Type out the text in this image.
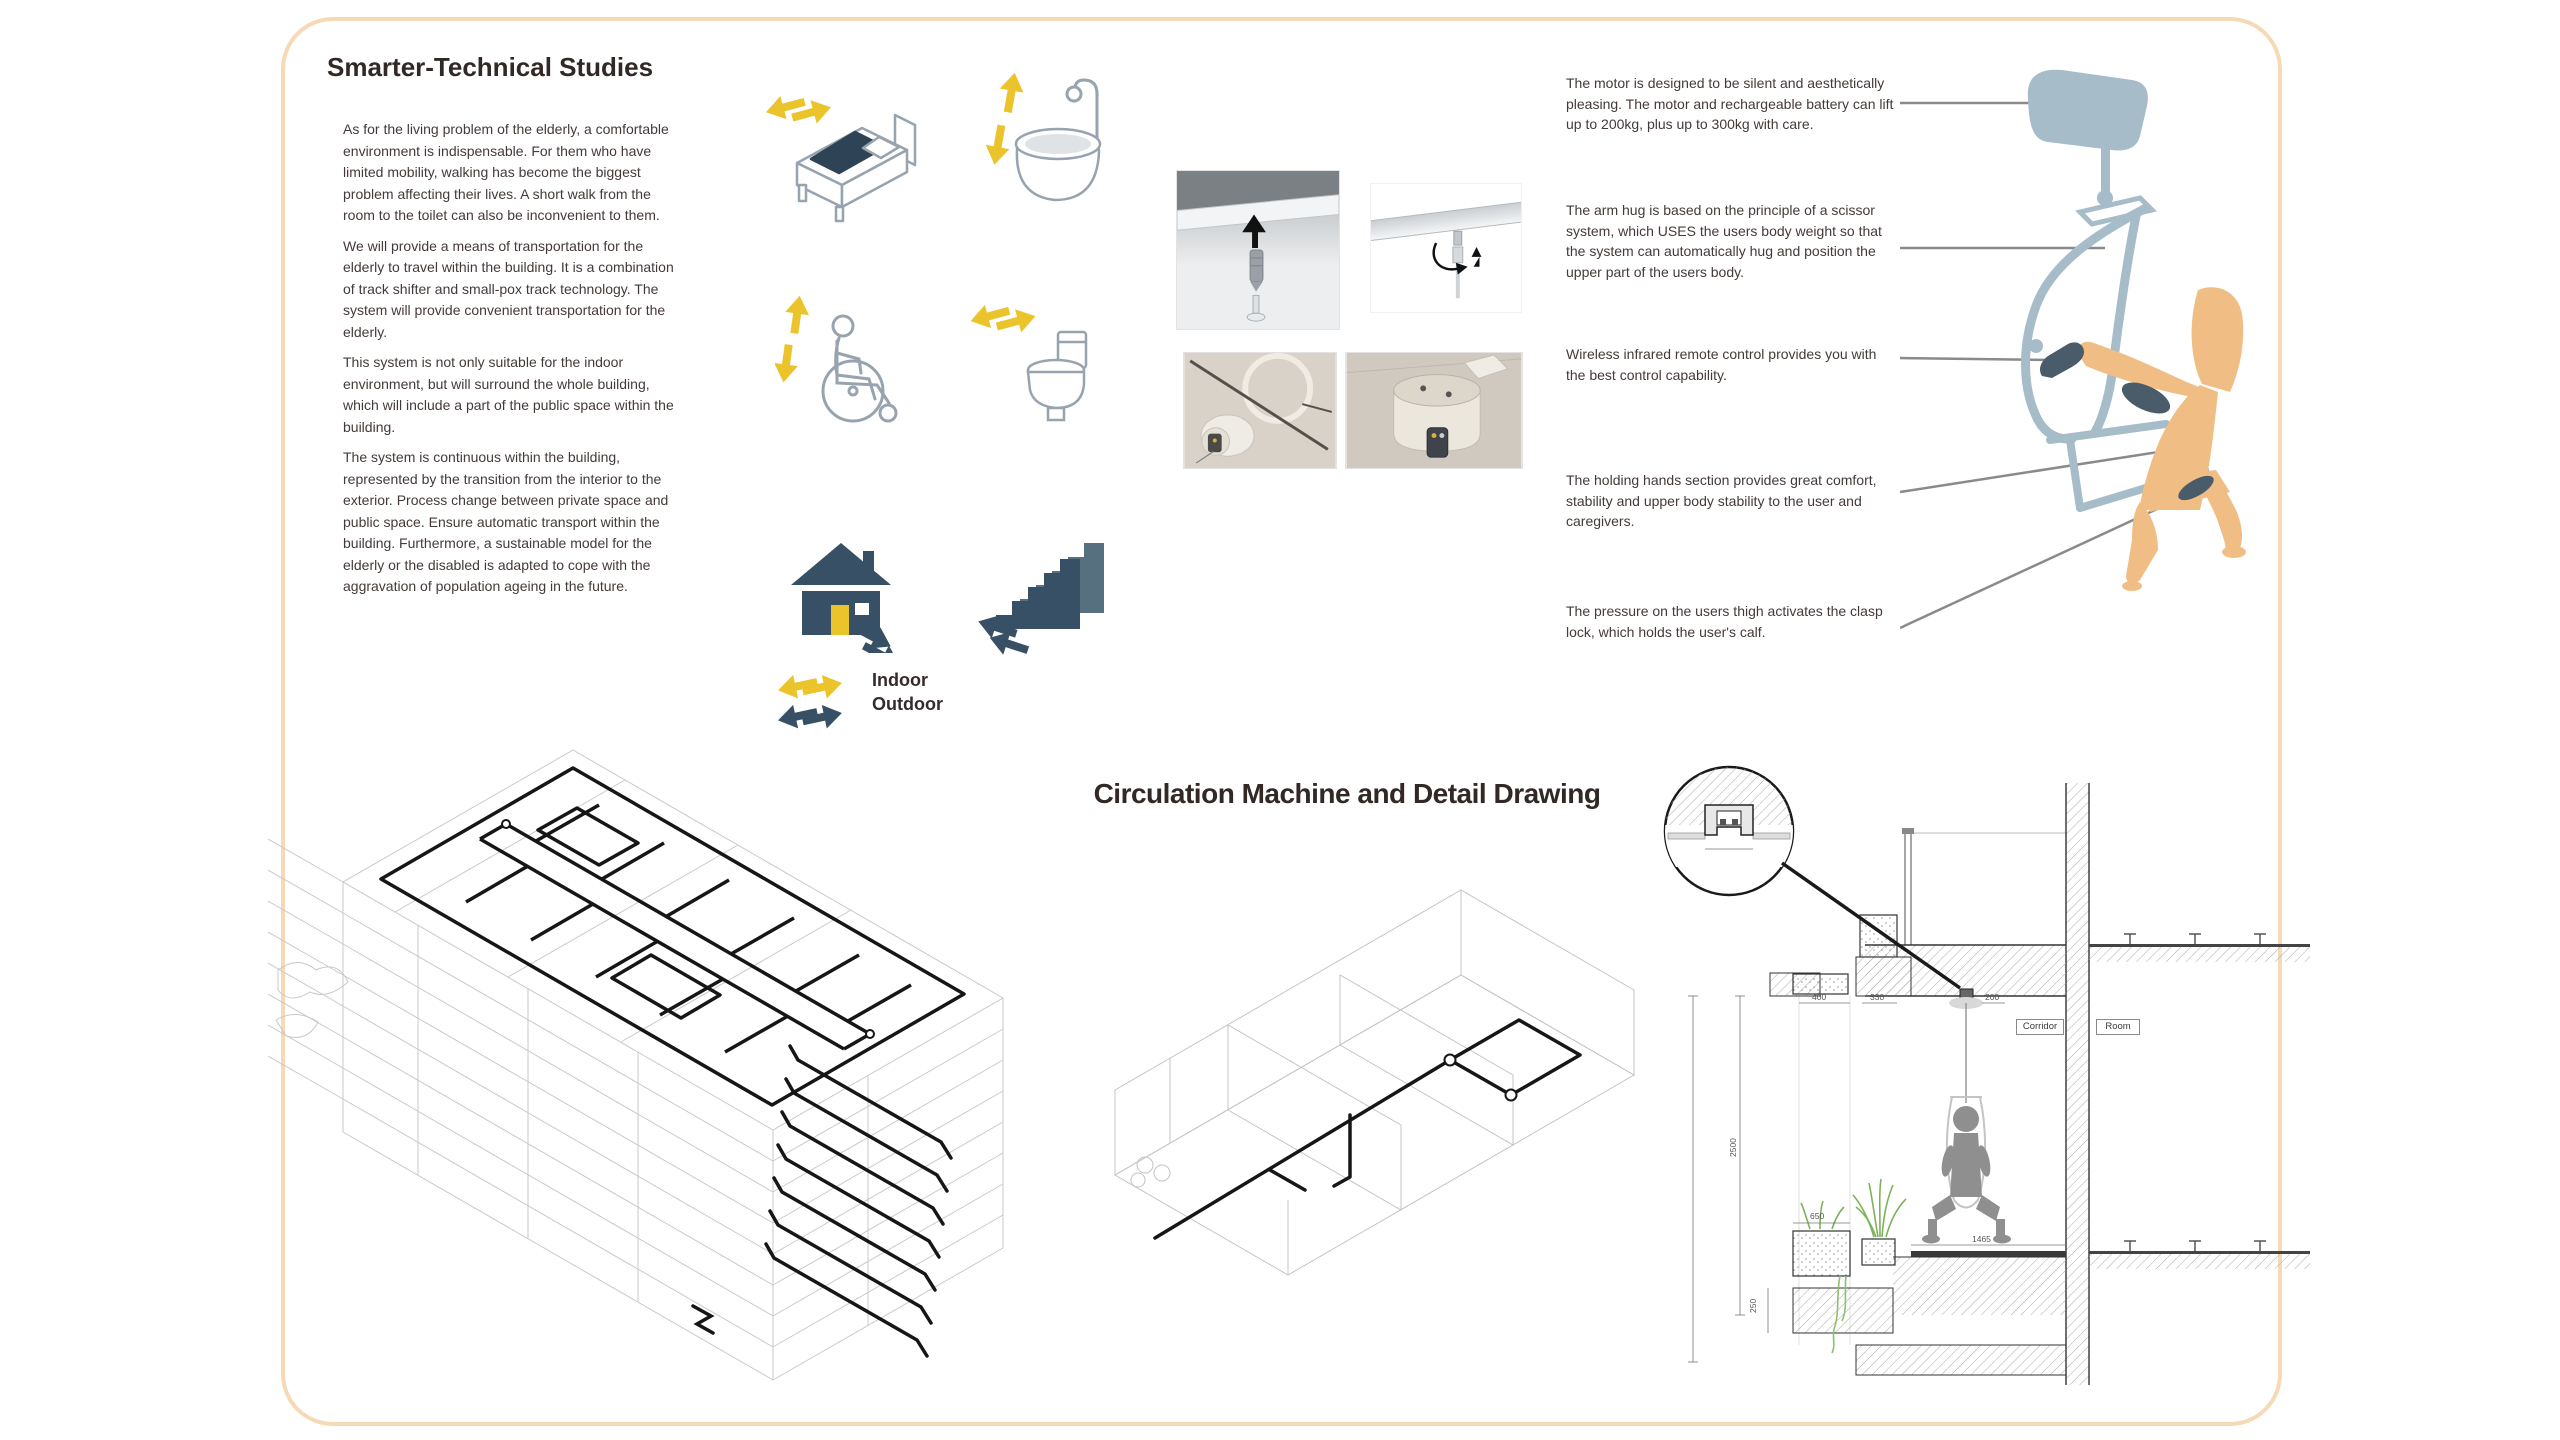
Smarter-Technical Studies

As for the living problem of the elderly, a comfortable environment is indispensable. For them who have limited mobility, walking has become the biggest problem affecting their lives. A short walk from the room to the toilet can also be inconvenient to them.

We will provide a means of transportation for the elderly to travel within the building. It is a combination of track shifter and small-pox track technology. The system will provide convenient transportation for the elderly.

This system is not only suitable for the indoor environment, but will surround the whole building, which will include a part of the public space within the building.

The system is continuous within the building, represented by the transition from the interior to the exterior. Process change between private space and public space. Ensure automatic transport within the building. Furthermore, a sustainable model for the elderly or the disabled is adapted to cope with the aggravation of population ageing in the future.

Indoor
Outdoor
The motor is designed to be silent and aesthetically pleasing. The motor and rechargeable battery can lift up to 200kg, plus up to 300kg with care.
The arm hug is based on the principle of a scissor system, which USES the users body weight so that the system can automatically hug and position the upper part of the users body.
Wireless infrared remote control provides you with the best control capability.
The holding hands section provides great comfort, stability and upper body stability to the user and caregivers.
The pressure on the users thigh activates the clasp lock, which holds the user's calf.
Circulation Machine and Detail Drawing
400	330	200
2500
650
250
1465
Corridor	Room
